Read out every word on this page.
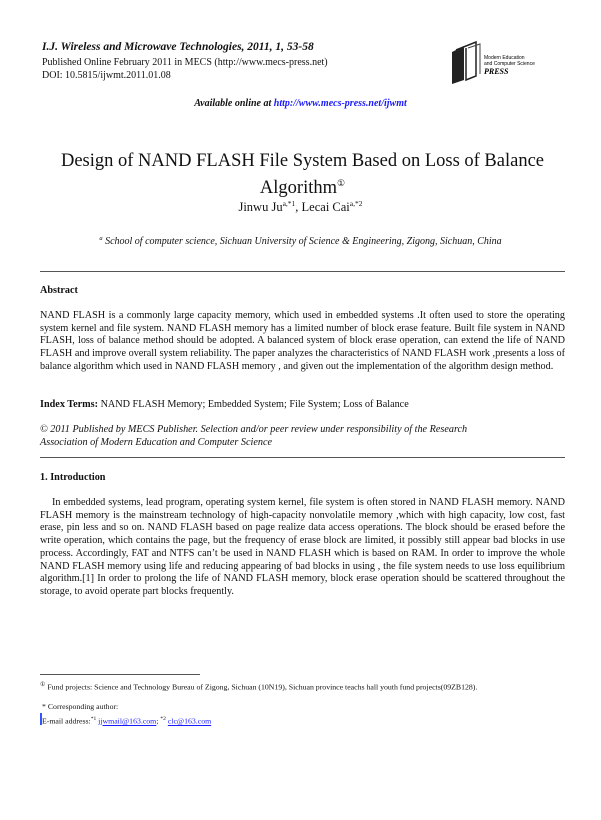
I.J. Wireless and Microwave Technologies, 2011, 1, 53-58
Published Online February 2011 in MECS (http://www.mecs-press.net)
DOI: 10.5815/ijwmt.2011.01.08
Modern Education
and Computer Science
PRESS
Available online at http://www.mecs-press.net/ijwmt
Design of NAND FLASH File System Based on Loss of Balance Algorithm①
Jinwu $Ju^{a,*1}$, Lecai Cai$^{a,*2}$
$^a$ School of computer science, Sichuan University of Science & Engineering, Zigong, Sichuan, China
Abstract
NAND FLASH is a commonly large capacity memory, which used in embedded systems .It often used to store the operating system kernel and file system. NAND FLASH memory has a limited number of block erase feature. Built file system in NAND FLASH, loss of balance method should be adopted. A balanced system of block erase operation, can extend the life of NAND FLASH and improve overall system reliability. The paper analyzes the characteristics of NAND FLASH work ,presents a loss of balance algorithm which used in NAND FLASH memory , and given out the implementation of the algorithm design method.
Index Terms: NAND FLASH Memory; Embedded System; File System; Loss of Balance
© 2011 Published by MECS Publisher. Selection and/or peer review under responsibility of the Research Association of Modern Education and Computer Science
1. Introduction
In embedded systems, lead program, operating system kernel, file system is often stored in NAND FLASH memory. NAND FLASH memory is the mainstream technology of high-capacity nonvolatile memory ,which with high capacity, low cost, fast erase, pin less and so on. NAND FLASH based on page realize data access operations. The block should be erased before the write operation, which contains the page, but the frequency of erase block are limited, it possibly still appear bad blocks in use process. Accordingly, FAT and NTFS can’t be used in NAND FLASH which is based on RAM. In order to improve the whole NAND FLASH memory using life and reducing appearing of bad blocks in using , the file system needs to use loss equilibrium algorithm.[1] In order to prolong the life of NAND FLASH memory, block erase operation should be scattered throughout the storage, to avoid operate part blocks frequently.
① Fund projects: Science and Technology Bureau of Zigong, Sichuan (10N19), Sichuan province teachs hall youth fund projects(09ZB128).
* Corresponding author:
E-mail address:$^{*1}$ jjwmail@163.com; $^{*2}$ clc@163.com
